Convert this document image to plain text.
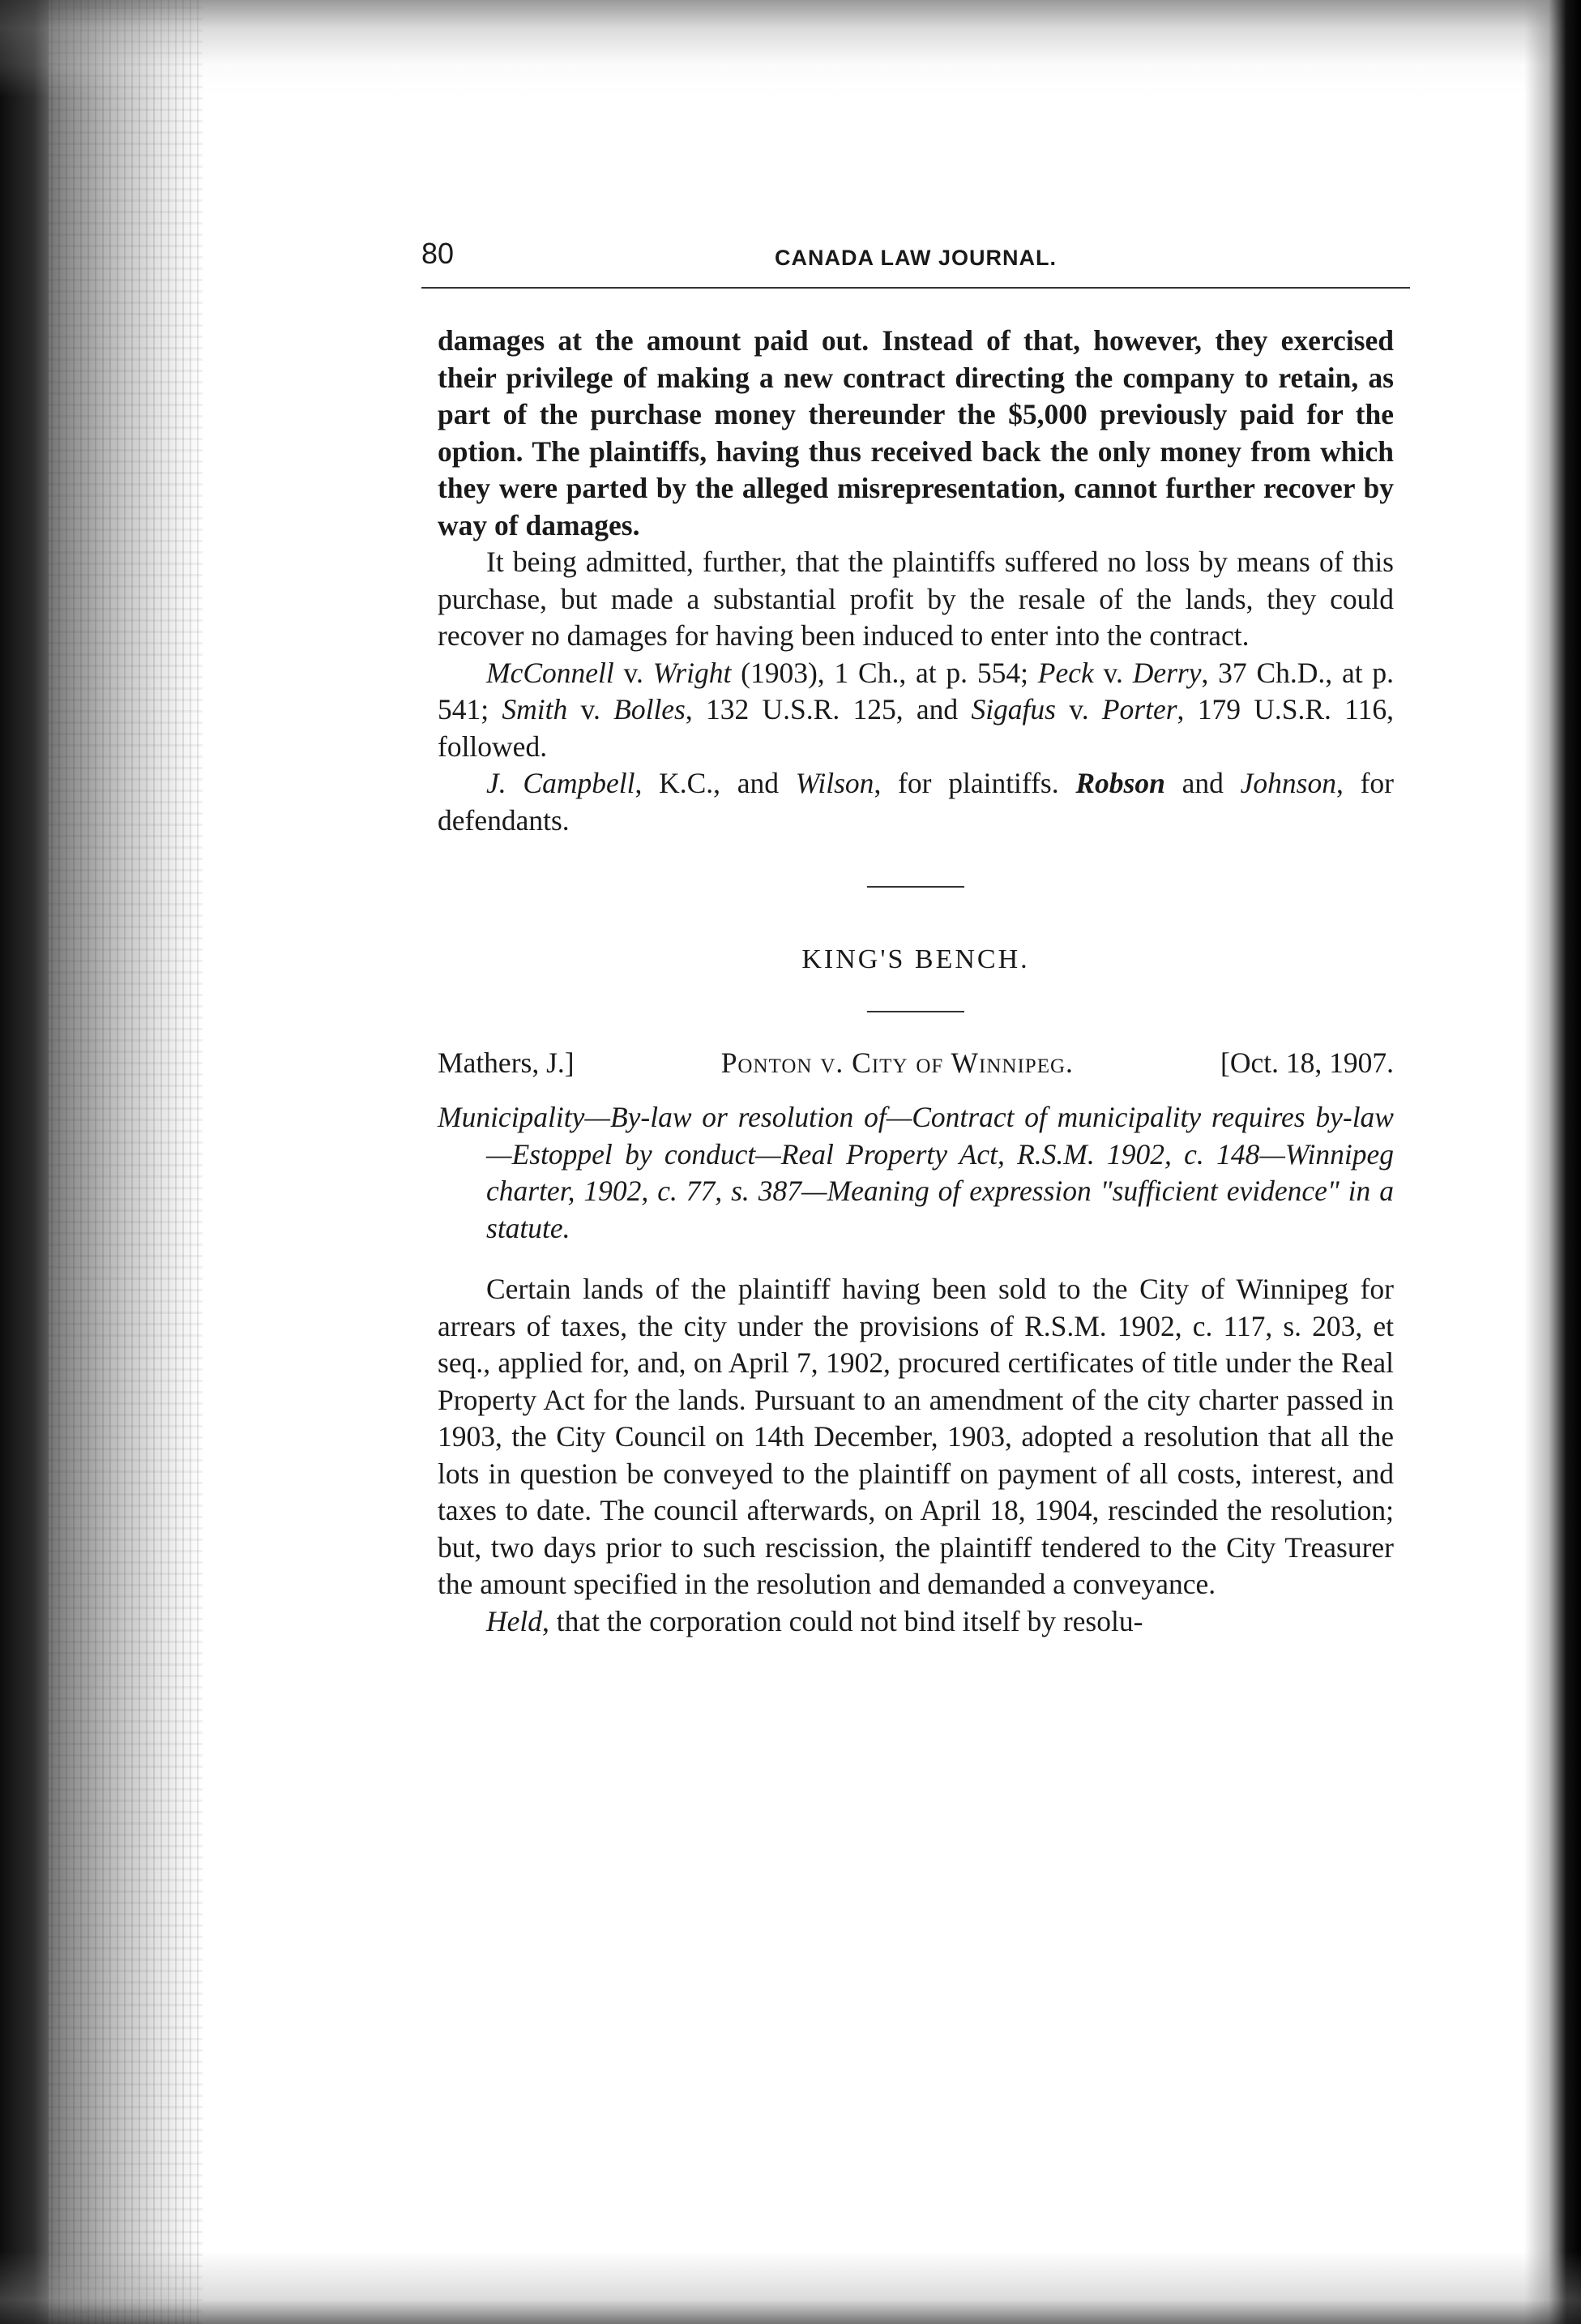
80	CANADA LAW JOURNAL.

damages at the amount paid out. Instead of that, however, they exercised their privilege of making a new contract directing the company to retain, as part of the purchase money thereunder the $5,000 previously paid for the option. The plaintiffs, having thus received back the only money from which they were parted by the alleged misrepresentation, cannot further recover by way of damages.

It being admitted, further, that the plaintiffs suffered no loss by means of this purchase, but made a substantial profit by the resale of the lands, they could recover no damages for having been induced to enter into the contract.

McConnell v. Wright (1903), 1 Ch., at p. 554; Peck v. Derry, 37 Ch.D., at p. 541; Smith v. Bolles, 132 U.S.R. 125, and Sigafus v. Porter, 179 U.S.R. 116, followed.

J. Campbell, K.C., and Wilson, for plaintiffs. Robson and Johnson, for defendants.

KING'S BENCH.
Mathers, J.]	Ponton v. City of Winnipeg.	[Oct. 18, 1907.

Municipality—By-law or resolution of—Contract of municipality requires by-law—Estoppel by conduct—Real Property Act, R.S.M. 1902, c. 148—Winnipeg charter, 1902, c. 77, s. 387—Meaning of expression "sufficient evidence" in a statute.

Certain lands of the plaintiff having been sold to the City of Winnipeg for arrears of taxes, the city under the provisions of R.S.M. 1902, c. 117, s. 203, et seq., applied for, and, on April 7, 1902, procured certificates of title under the Real Property Act for the lands. Pursuant to an amendment of the city charter passed in 1903, the City Council on 14th December, 1903, adopted a resolution that all the lots in question be conveyed to the plaintiff on payment of all costs, interest, and taxes to date. The council afterwards, on April 18, 1904, rescinded the resolution; but, two days prior to such rescission, the plaintiff tendered to the City Treasurer the amount specified in the resolution and demanded a conveyance.

Held, that the corporation could not bind itself by resolu-
